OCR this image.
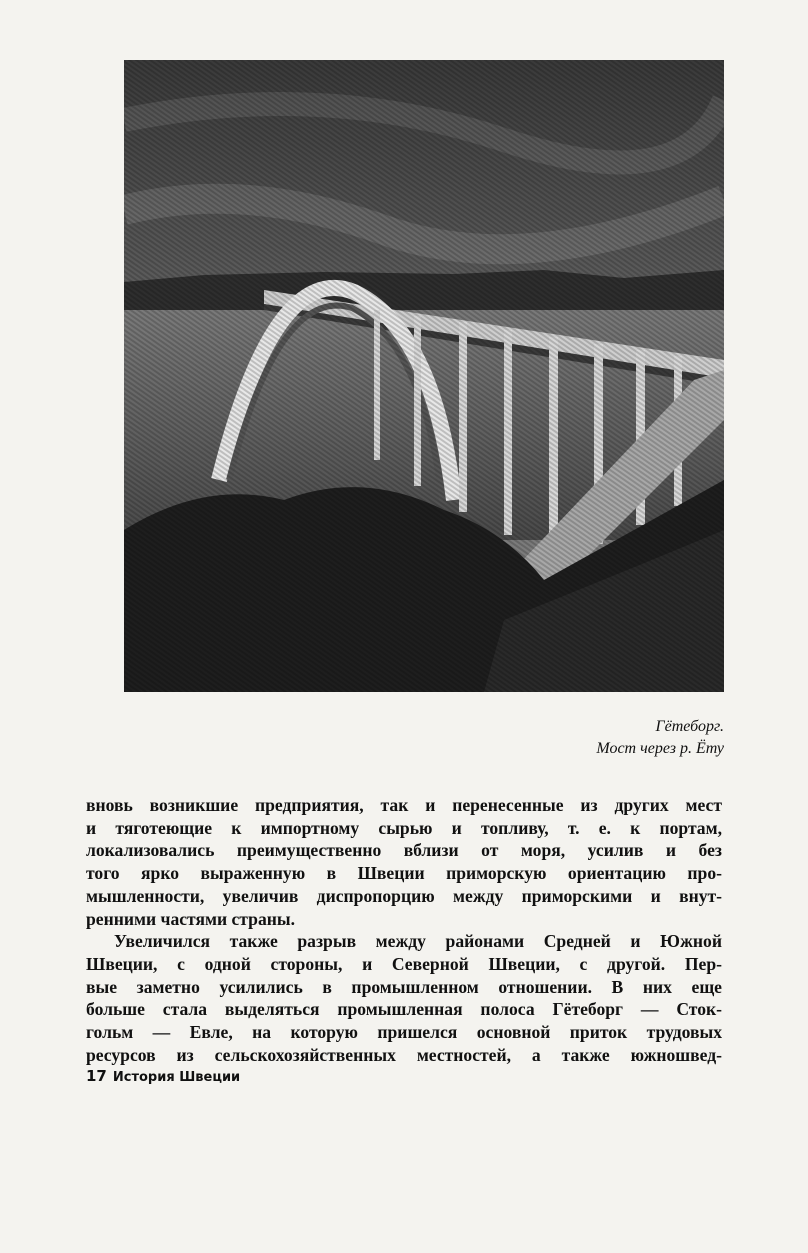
Гётеборг.
Мост через р. Ёту
вновь возникшие предприятия, так и перенесенные из других мест
и тяготеющие к импортному сырью и топливу, т. е. к портам,
локализовались преимущественно вблизи от моря, усилив и без
того ярко выраженную в Швеции приморскую ориентацию про-
мышленности, увеличив диспропорцию между приморскими и внут-
ренними частями страны.
Увеличился также разрыв между районами Средней и Южной
Швеции, с одной стороны, и Северной Швеции, с другой. Пер-
вые заметно усилились в промышленном отношении. В них еще
больше стала выделяться промышленная полоса Гётеборг — Сток-
гольм — Евле, на которую пришелся основной приток трудовых
ресурсов из сельскохозяйственных местностей, а также южношвед-
17 История Швеции
